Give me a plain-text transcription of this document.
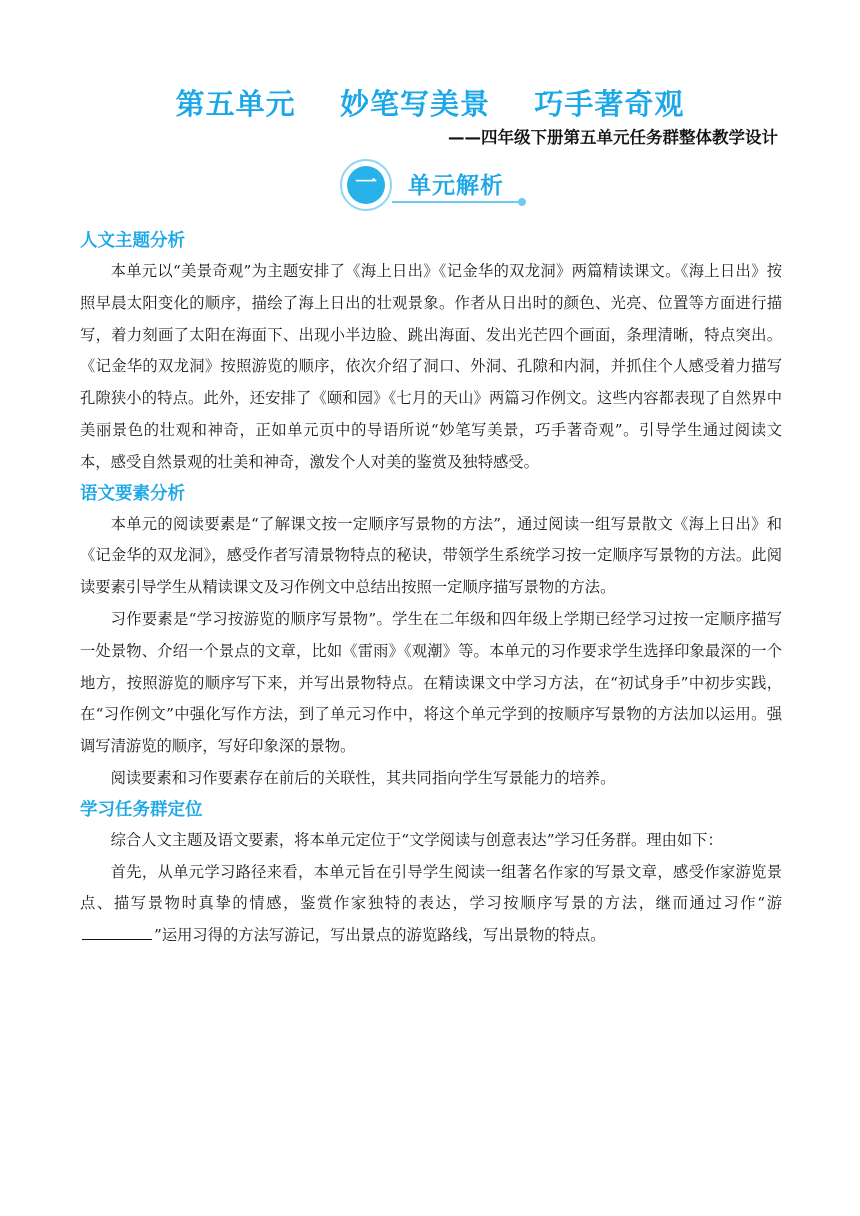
第五单元    妙笔写美景    巧手著奇观
——四年级下册第五单元任务群整体教学设计
一	单元解析
人文主题分析

本单元以“美景奇观”为主题安排了《海上日出》《记金华的双龙洞》两篇精读课文。《海上日出》按照早晨太阳变化的顺序，描绘了海上日出的壮观景象。作者从日出时的颜色、光亮、位置等方面进行描写，着力刻画了太阳在海面下、出现小半边脸、跳出海面、发出光芒四个画面，条理清晰，特点突出。《记金华的双龙洞》按照游览的顺序，依次介绍了洞口、外洞、孔隙和内洞，并抓住个人感受着力描写孔隙狭小的特点。此外，还安排了《颐和园》《七月的天山》两篇习作例文。这些内容都表现了自然界中美丽景色的壮观和神奇，正如单元页中的导语所说“妙笔写美景，巧手著奇观”。引导学生通过阅读文本，感受自然景观的壮美和神奇，激发个人对美的鉴赏及独特感受。

语文要素分析

本单元的阅读要素是“了解课文按一定顺序写景物的方法”，通过阅读一组写景散文《海上日出》和《记金华的双龙洞》，感受作者写清景物特点的秘诀，带领学生系统学习按一定顺序写景物的方法。此阅读要素引导学生从精读课文及习作例文中总结出按照一定顺序描写景物的方法。

习作要素是“学习按游览的顺序写景物”。学生在二年级和四年级上学期已经学习过按一定顺序描写一处景物、介绍一个景点的文章，比如《雷雨》《观潮》等。本单元的习作要求学生选择印象最深的一个地方，按照游览的顺序写下来，并写出景物特点。在精读课文中学习方法，在“初试身手”中初步实践，在“习作例文”中强化写作方法，到了单元习作中，将这个单元学到的按顺序写景物的方法加以运用。强调写清游览的顺序，写好印象深的景物。

阅读要素和习作要素存在前后的关联性，其共同指向学生写景能力的培养。

学习任务群定位

综合人文主题及语文要素，将本单元定位于“文学阅读与创意表达”学习任务群。理由如下：

首先，从单元学习路径来看，本单元旨在引导学生阅读一组著名作家的写景文章，感受作家游览景点、描写景物时真挚的情感，鉴赏作家独特的表达，学习按顺序写景的方法，继而通过习作“游”运用习得的方法写游记，写出景点的游览路线，写出景物的特点。
